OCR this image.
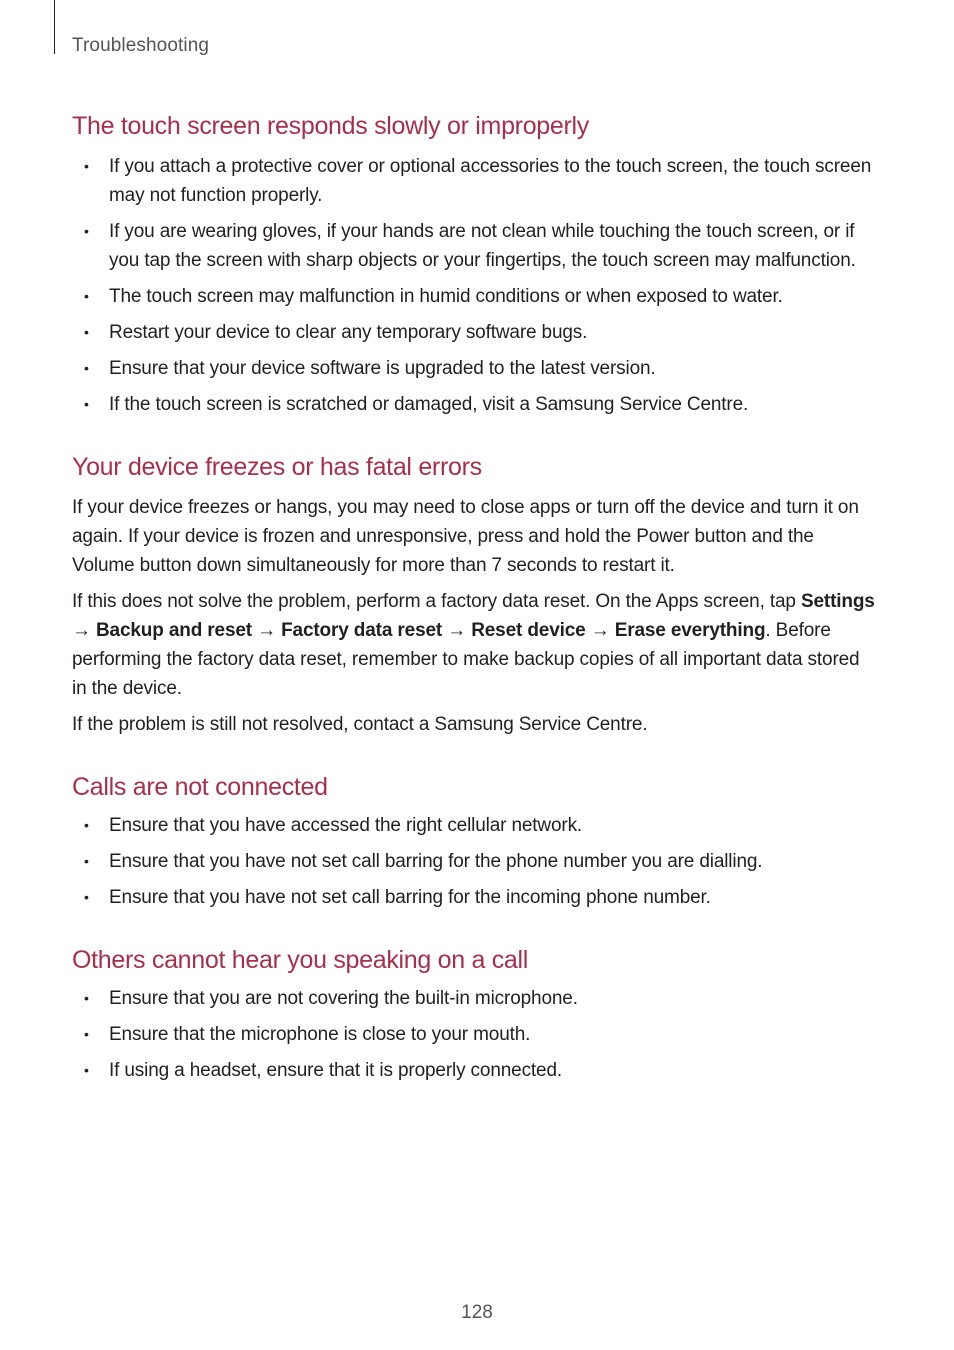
Troubleshooting
The touch screen responds slowly or improperly
• If you attach a protective cover or optional accessories to the touch screen, the touch screen may not function properly.
• If you are wearing gloves, if your hands are not clean while touching the touch screen, or if you tap the screen with sharp objects or your fingertips, the touch screen may malfunction.
• The touch screen may malfunction in humid conditions or when exposed to water.
• Restart your device to clear any temporary software bugs.
• Ensure that your device software is upgraded to the latest version.
• If the touch screen is scratched or damaged, visit a Samsung Service Centre.
Your device freezes or has fatal errors

If your device freezes or hangs, you may need to close apps or turn off the device and turn it on again. If your device is frozen and unresponsive, press and hold the Power button and the Volume button down simultaneously for more than 7 seconds to restart it.

If this does not solve the problem, perform a factory data reset. On the Apps screen, tap Settings → Backup and reset → Factory data reset → Reset device → Erase everything. Before performing the factory data reset, remember to make backup copies of all important data stored in the device.

If the problem is still not resolved, contact a Samsung Service Centre.

Calls are not connected
• Ensure that you have accessed the right cellular network.
• Ensure that you have not set call barring for the phone number you are dialling.
• Ensure that you have not set call barring for the incoming phone number.
Others cannot hear you speaking on a call
• Ensure that you are not covering the built-in microphone.
• Ensure that the microphone is close to your mouth.
• If using a headset, ensure that it is properly connected.
128
